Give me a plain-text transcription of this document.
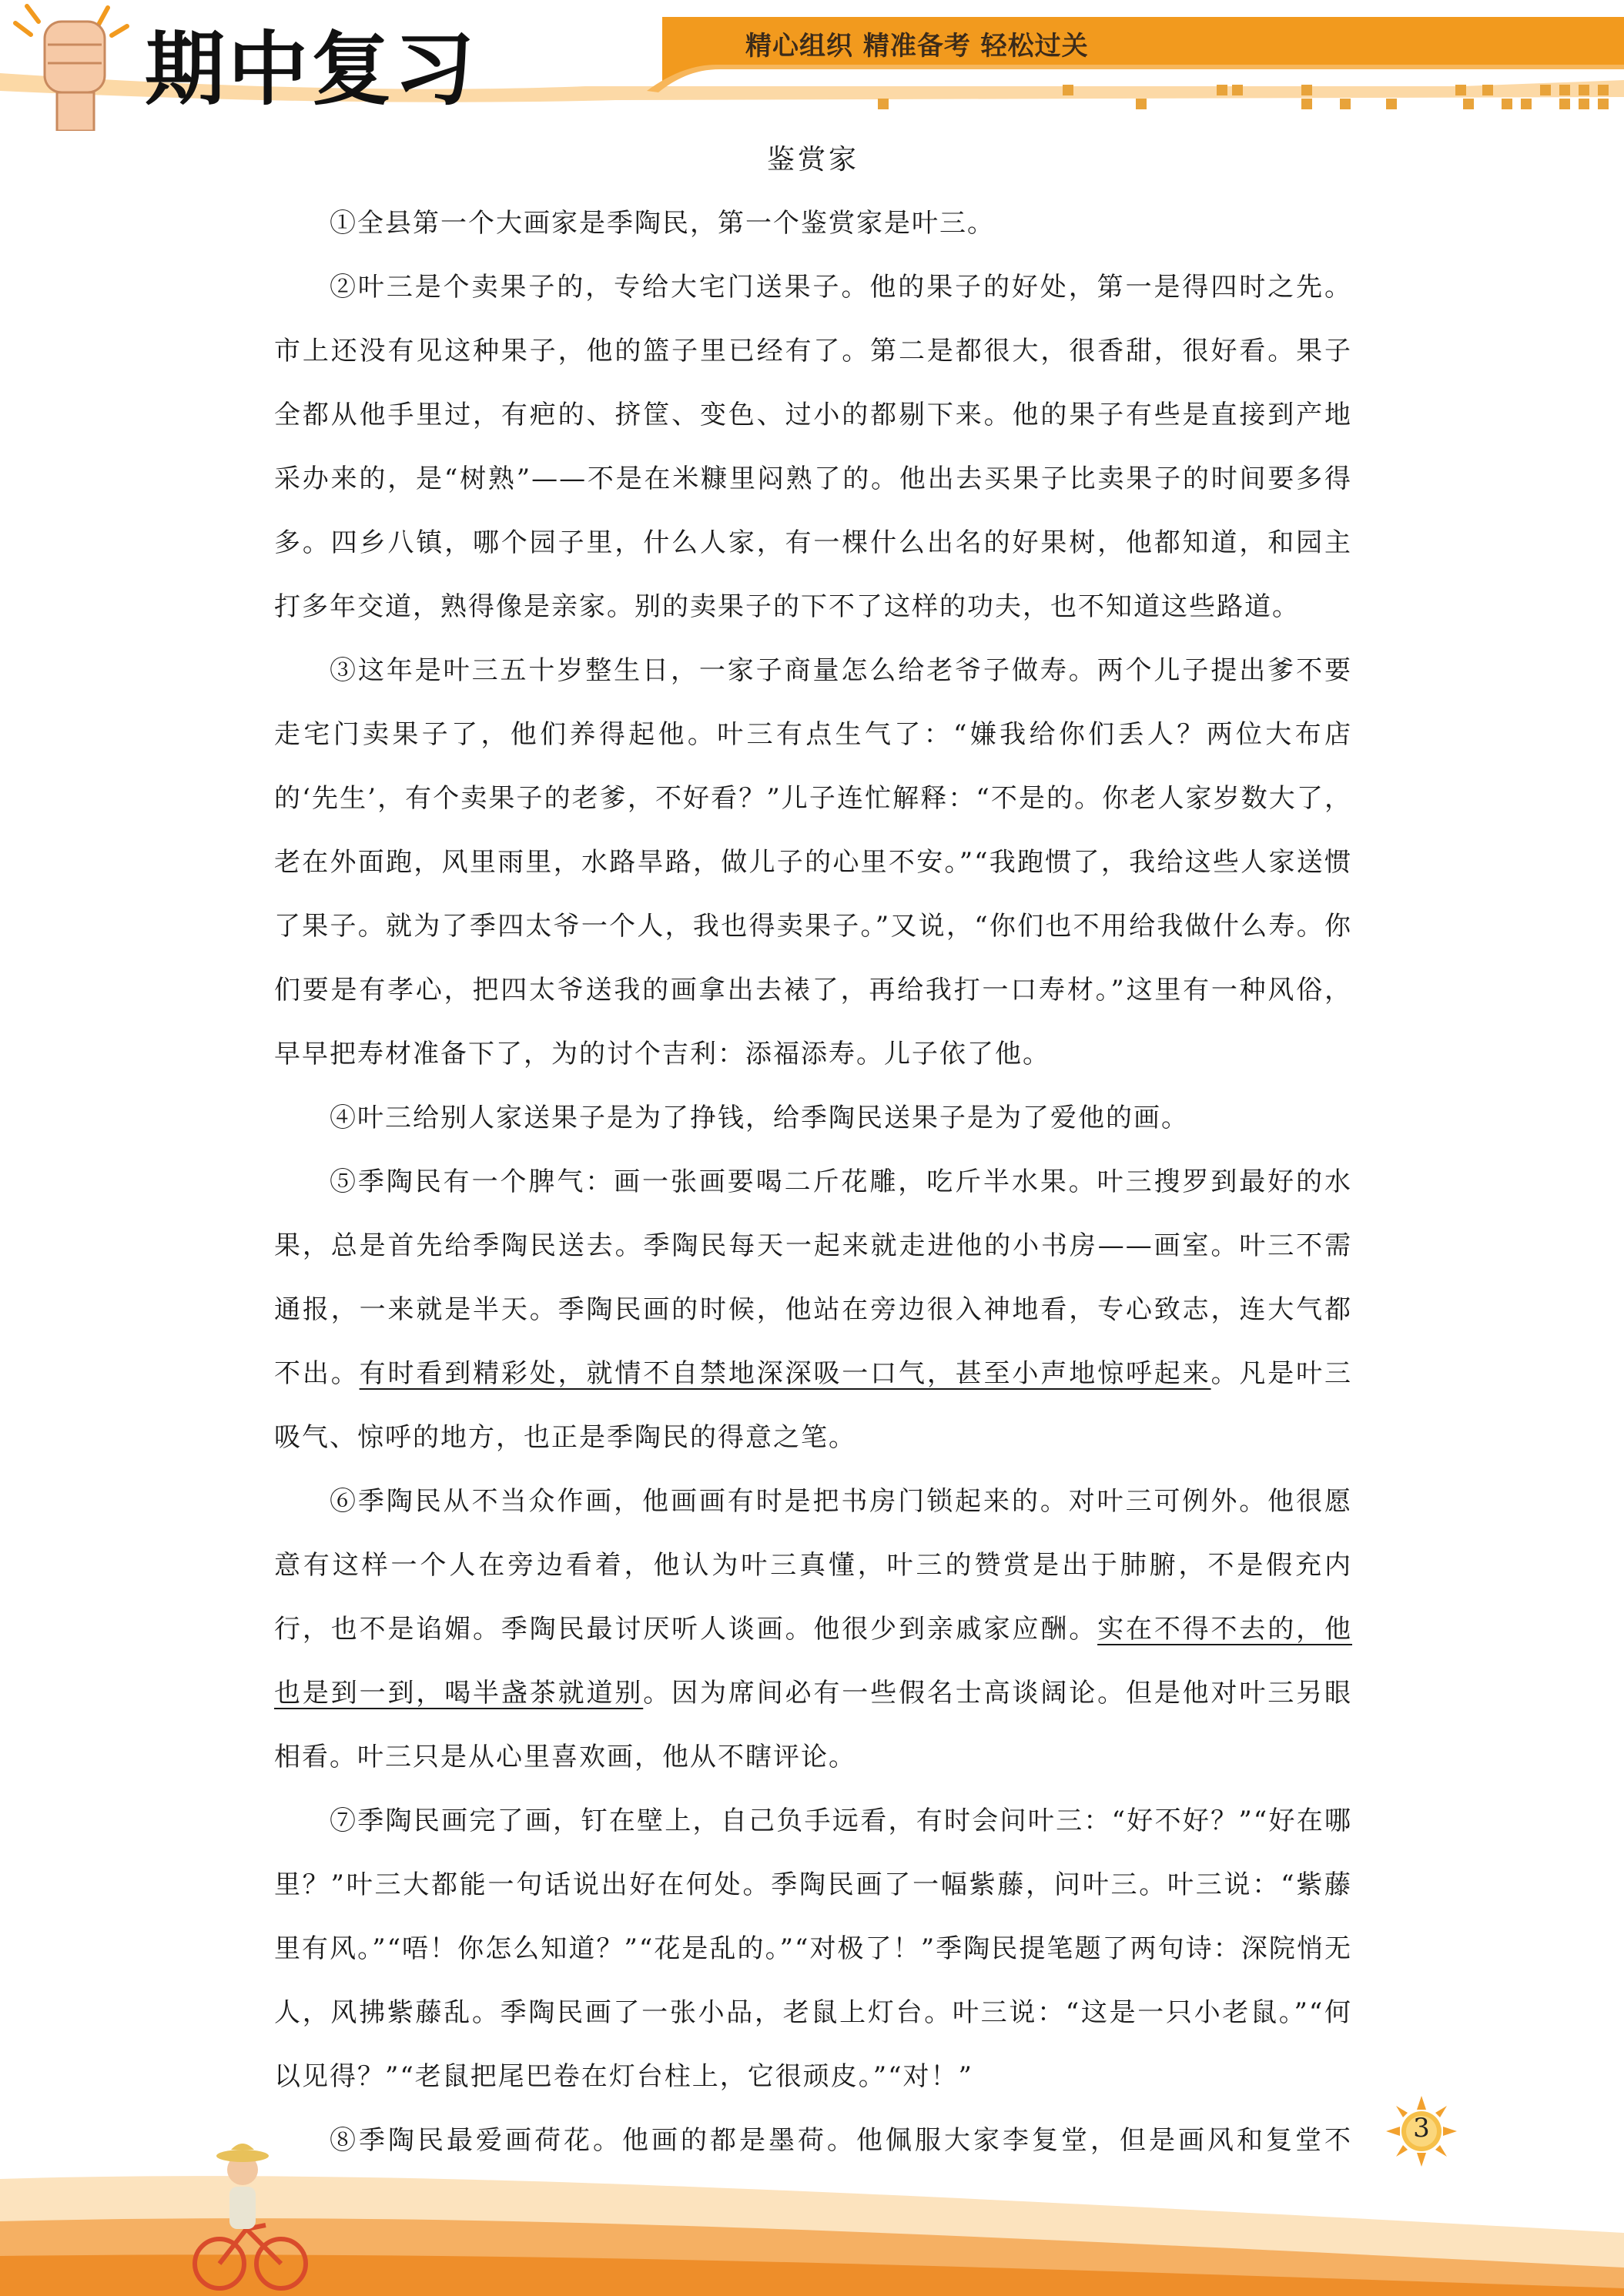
期中复习	精心组织 精准备考 轻松过关
鉴赏家

①全县第一个大画家是季陶民，第一个鉴赏家是叶三。

②叶三是个卖果子的，专给大宅门送果子。他的果子的好处，第一是得四时之先。市上还没有见这种果子，他的篮子里已经有了。第二是都很大，很香甜，很好看。果子全都从他手里过，有疤的、挤筐、变色、过小的都剔下来。他的果子有些是直接到产地采办来的，是“树熟”——不是在米糠里闷熟了的。他出去买果子比卖果子的时间要多得多。四乡八镇，哪个园子里，什么人家，有一棵什么出名的好果树，他都知道，和园主打多年交道，熟得像是亲家。别的卖果子的下不了这样的功夫，也不知道这些路道。

③这年是叶三五十岁整生日，一家子商量怎么给老爷子做寿。两个儿子提出爹不要走宅门卖果子了，他们养得起他。叶三有点生气了：“嫌我给你们丢人？两位大布店的‘先生’，有个卖果子的老爹，不好看？”儿子连忙解释：“不是的。你老人家岁数大了，老在外面跑，风里雨里，水路旱路，做儿子的心里不安。”“我跑惯了，我给这些人家送惯了果子。就为了季四太爷一个人，我也得卖果子。”又说，“你们也不用给我做什么寿。你们要是有孝心，把四太爷送我的画拿出去裱了，再给我打一口寿材。”这里有一种风俗，早早把寿材准备下了，为的讨个吉利：添福添寿。儿子依了他。

④叶三给别人家送果子是为了挣钱，给季陶民送果子是为了爱他的画。

⑤季陶民有一个脾气：画一张画要喝二斤花雕，吃斤半水果。叶三搜罗到最好的水果，总是首先给季陶民送去。季陶民每天一起来就走进他的小书房——画室。叶三不需通报，一来就是半天。季陶民画的时候，他站在旁边很入神地看，专心致志，连大气都不出。有时看到精彩处，就情不自禁地深深吸一口气，甚至小声地惊呼起来。凡是叶三吸气、惊呼的地方，也正是季陶民的得意之笔。

⑥季陶民从不当众作画，他画画有时是把书房门锁起来的。对叶三可例外。他很愿意有这样一个人在旁边看着，他认为叶三真懂，叶三的赞赏是出于肺腑，不是假充内行，也不是谄媚。季陶民最讨厌听人谈画。他很少到亲戚家应酬。实在不得不去的，他也是到一到，喝半盏茶就道别。因为席间必有一些假名士高谈阔论。但是他对叶三另眼相看。叶三只是从心里喜欢画，他从不瞎评论。

⑦季陶民画完了画，钉在壁上，自己负手远看，有时会问叶三：“好不好？”“好在哪里？”叶三大都能一句话说出好在何处。季陶民画了一幅紫藤，问叶三。叶三说：“紫藤里有风。”“唔！你怎么知道？”“花是乱的。”“对极了！”季陶民提笔题了两句诗：深院悄无人，风拂紫藤乱。季陶民画了一张小品，老鼠上灯台。叶三说：“这是一只小老鼠。”“何以见得？”“老鼠把尾巴卷在灯台柱上，它很顽皮。”“对！”

⑧季陶民最爱画荷花。他画的都是墨荷。他佩服大家李复堂，但是画风和复堂不	3
